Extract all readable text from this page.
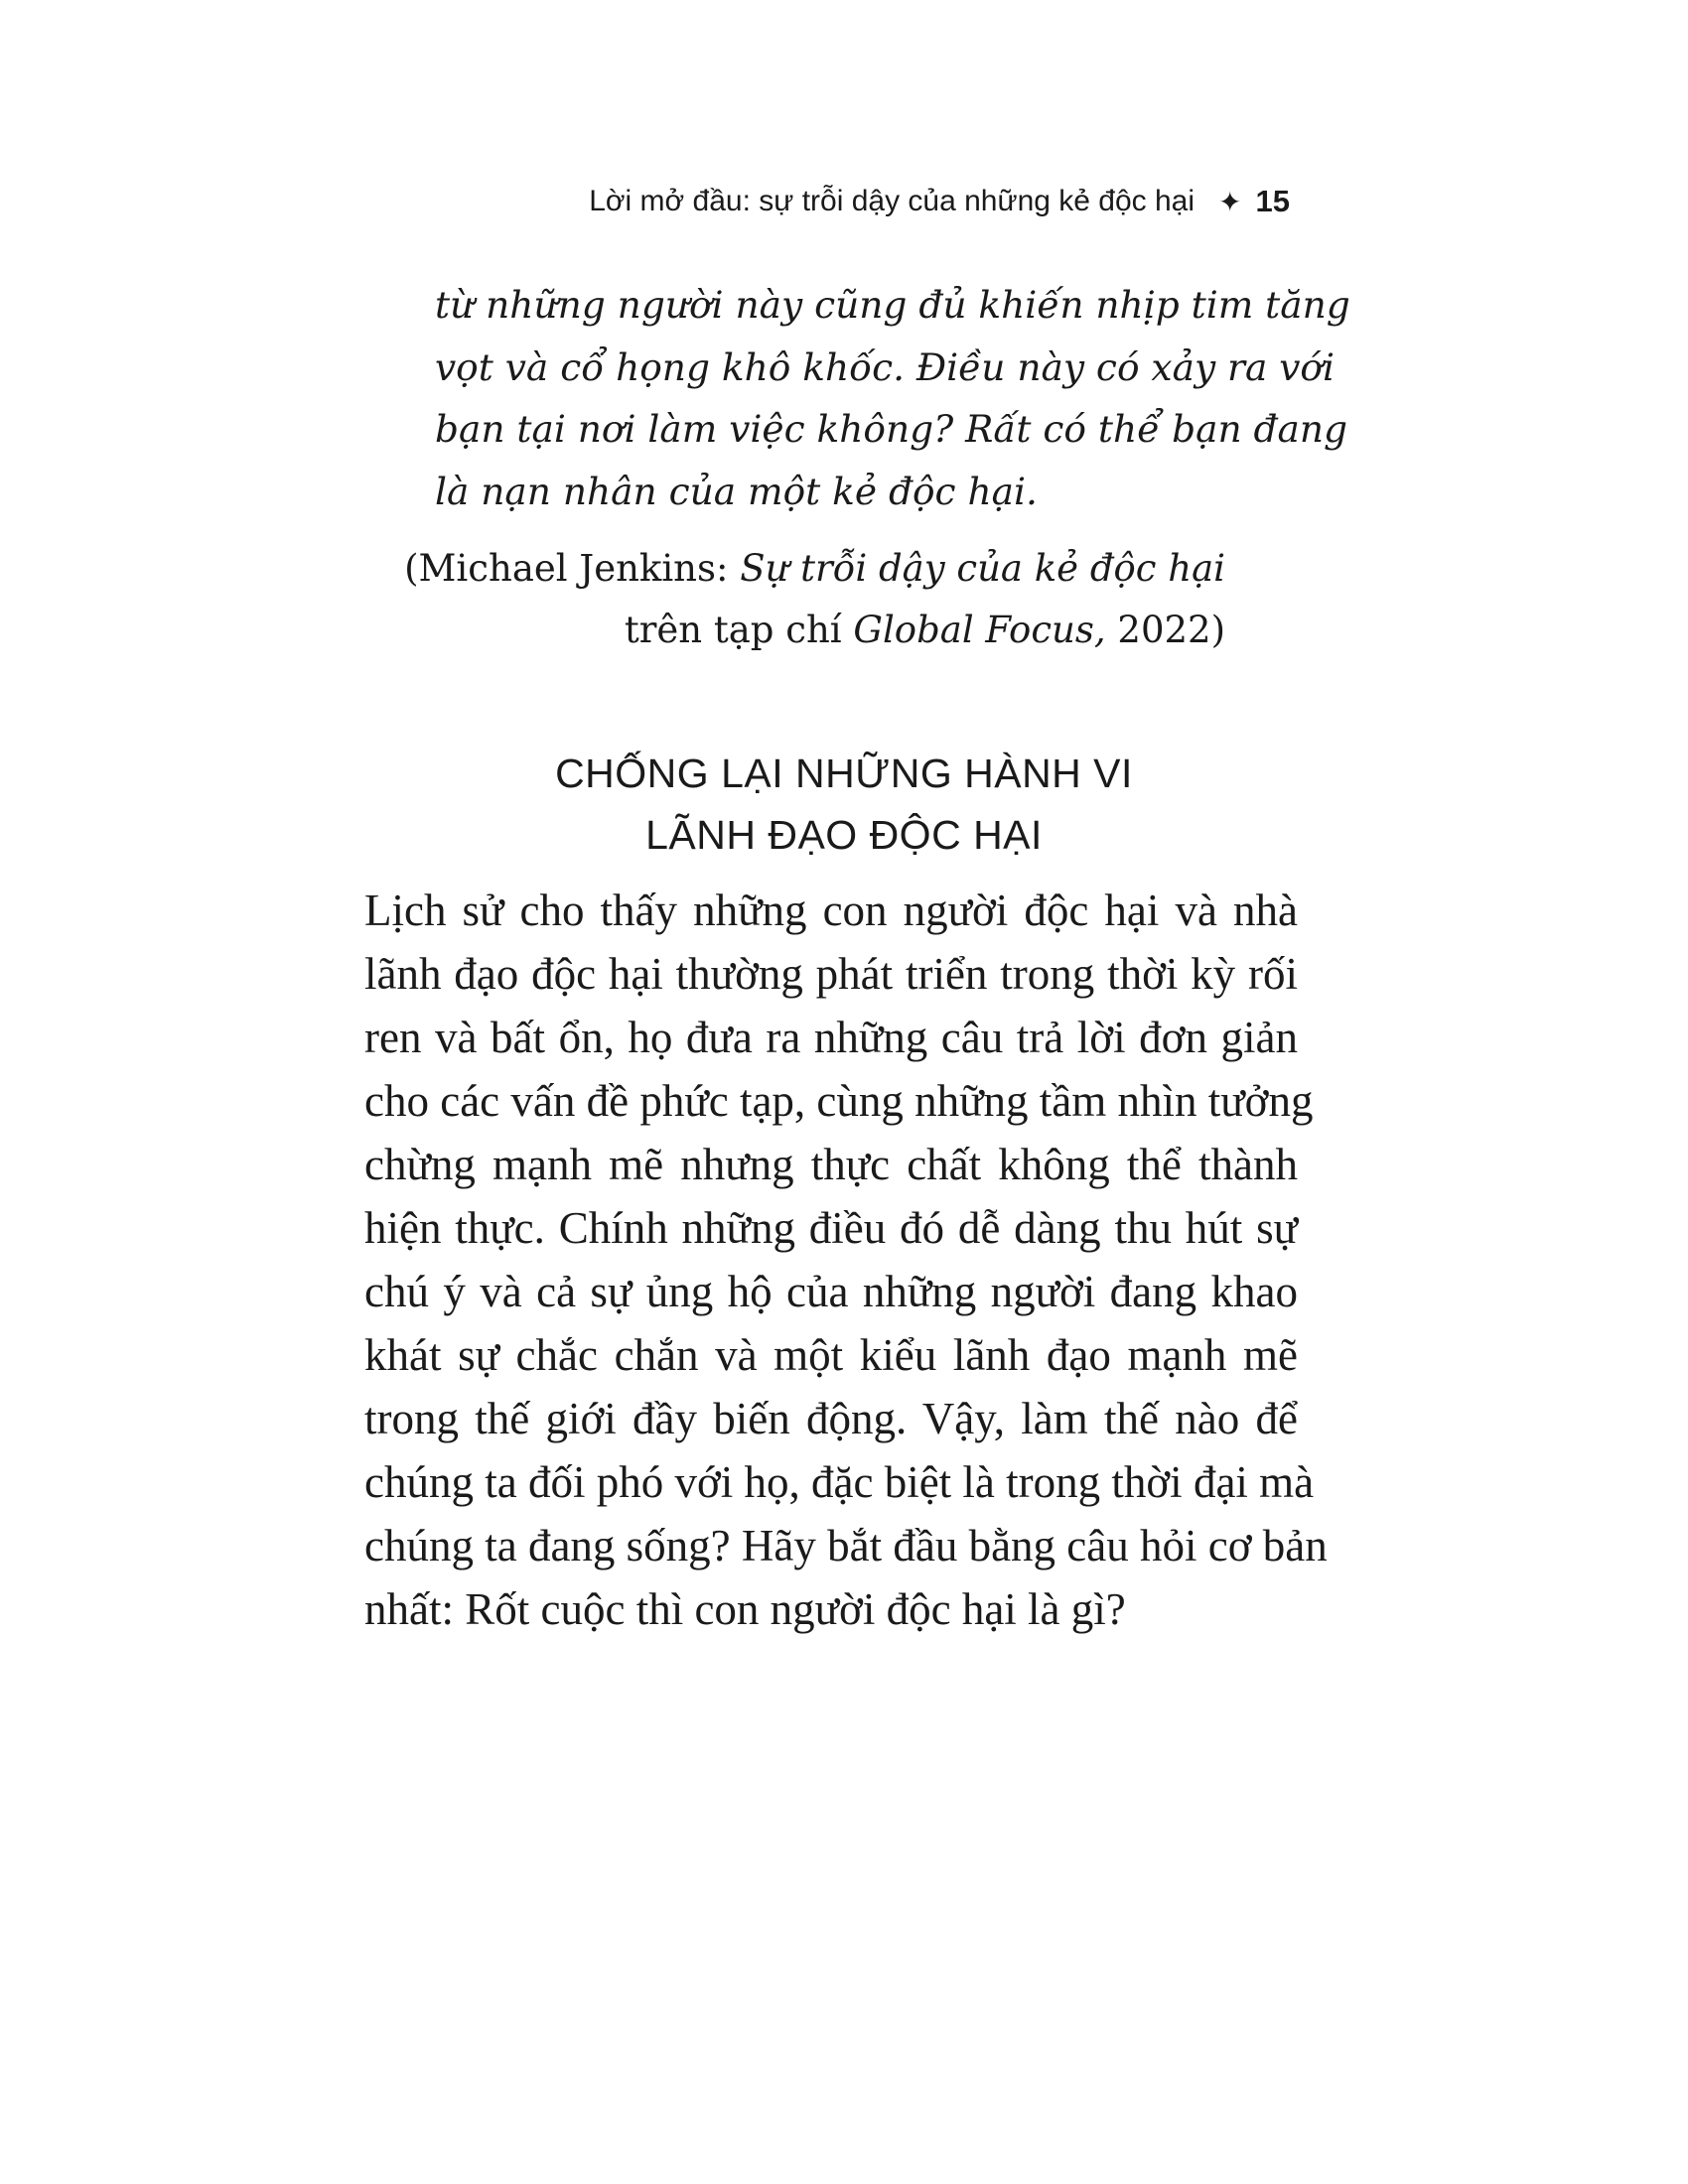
Lời mở đầu: sự trỗi dậy của những kẻ độc hại ✦ 15
từ những người này cũng đủ khiến nhịp tim tăng
vọt và cổ họng khô khốc. Điều này có xảy ra với
bạn tại nơi làm việc không? Rất có thể bạn đang
là nạn nhân của một kẻ độc hại.
(Michael Jenkins: Sự trỗi dậy của kẻ độc hại
trên tạp chí Global Focus, 2022)
CHỐNG LẠI NHỮNG HÀNH VI
LÃNH ĐẠO ĐỘC HẠI
Lịch sử cho thấy những con người độc hại và nhà
lãnh đạo độc hại thường phát triển trong thời kỳ rối
ren và bất ổn, họ đưa ra những câu trả lời đơn giản
cho các vấn đề phức tạp, cùng những tầm nhìn tưởng
chừng mạnh mẽ nhưng thực chất không thể thành
hiện thực. Chính những điều đó dễ dàng thu hút sự
chú ý và cả sự ủng hộ của những người đang khao
khát sự chắc chắn và một kiểu lãnh đạo mạnh mẽ
trong thế giới đầy biến động. Vậy, làm thế nào để
chúng ta đối phó với họ, đặc biệt là trong thời đại mà
chúng ta đang sống? Hãy bắt đầu bằng câu hỏi cơ bản
nhất: Rốt cuộc thì con người độc hại là gì?
